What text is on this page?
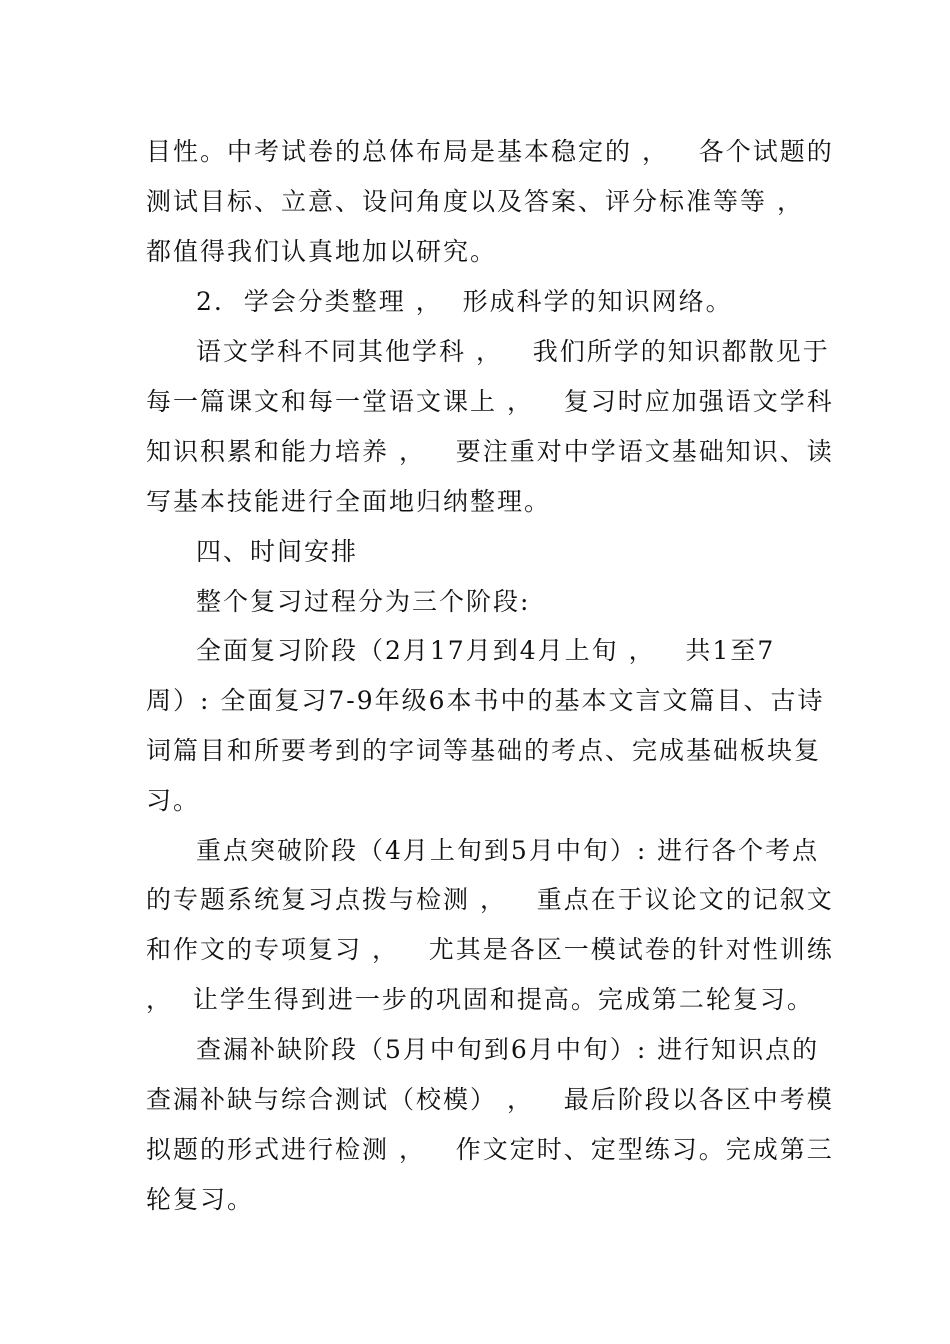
目性。中考试卷的总体布局是基本稳定的 ，   各个试题的
测试目标、立意、设问角度以及答案、评分标准等等 ，
都值得我们认真地加以研究。
2.  学会分类整理 ，  形成科学的知识网络。
语文学科不同其他学科 ，   我们所学的知识都散见于
每一篇课文和每一堂语文课上 ，   复习时应加强语文学科
知识积累和能力培养 ，   要注重对中学语文基础知识、读
写基本技能进行全面地归纳整理。
四、时间安排
整个复习过程分为三个阶段:
全面复习阶段（2月17月到4月上旬 ，   共1至7
周）: 全面复习7-9年级6本书中的基本文言文篇目、古诗
词篇目和所要考到的字词等基础的考点、完成基础板块复
习。
重点突破阶段（4月上旬到5月中旬）: 进行各个考点
的专题系统复习点拨与检测 ，   重点在于议论文的记叙文
和作文的专项复习 ，   尤其是各区一模试卷的针对性训练
，  让学生得到进一步的巩固和提高。完成第二轮复习。
查漏补缺阶段（5月中旬到6月中旬）: 进行知识点的
查漏补缺与综合测试（校模） ，   最后阶段以各区中考模
拟题的形式进行检测 ，   作文定时、定型练习。完成第三
轮复习。
